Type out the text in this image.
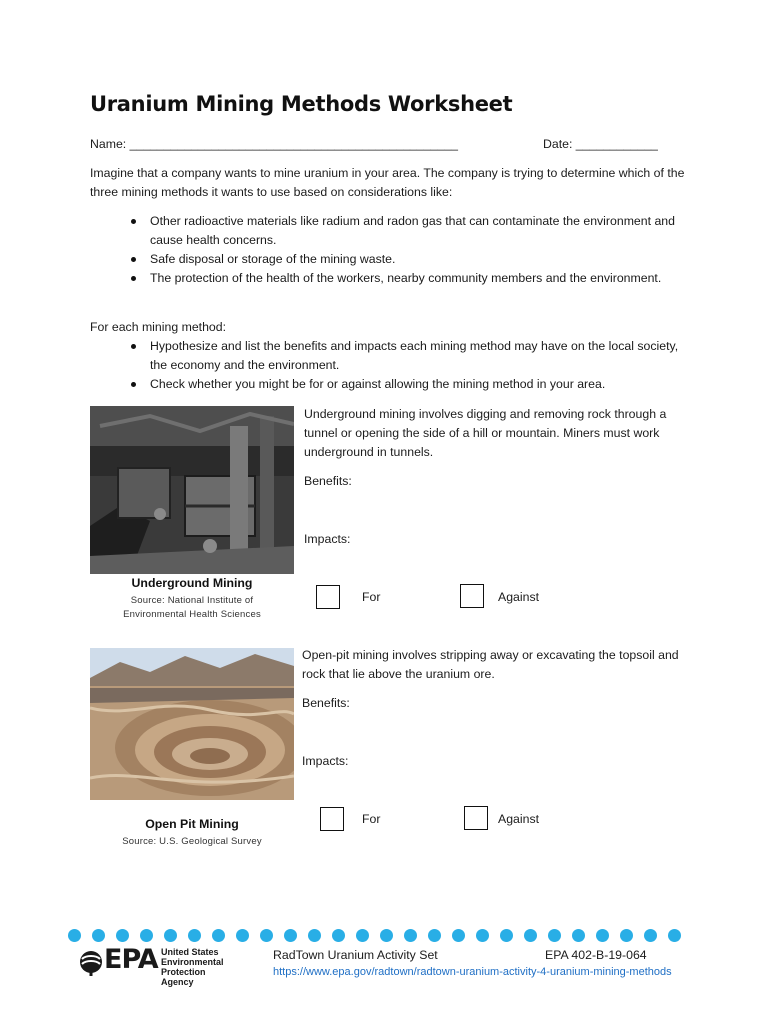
Uranium Mining Methods Worksheet
Name: ________________________________________________	Date: ____________
Imagine that a company wants to mine uranium in your area. The company is trying to determine which of the three mining methods it wants to use based on considerations like:
Other radioactive materials like radium and radon gas that can contaminate the environment and cause health concerns.
Safe disposal or storage of the mining waste.
The protection of the health of the workers, nearby community members and the environment.
For each mining method:
Hypothesize and list the benefits and impacts each mining method may have on the local society, the economy and the environment.
Check whether you might be for or against allowing the mining method in your area.
Underground Mining
Source: National Institute of Environmental Health Sciences
Underground mining involves digging and removing rock through a tunnel or opening the side of a hill or mountain. Miners must work underground in tunnels.
Benefits:
Impacts:
For	Against
Open Pit Mining
Source: U.S. Geological Survey
Open-pit mining involves stripping away or excavating the topsoil and rock that lie above the uranium ore.
Benefits:
Impacts:
For	Against
EPA United States
Environmental Protection
Agency
RadTown Uranium Activity Set	EPA 402-B-19-064
https://www.epa.gov/radtown/radtown-uranium-activity-4-uranium-mining-methods
